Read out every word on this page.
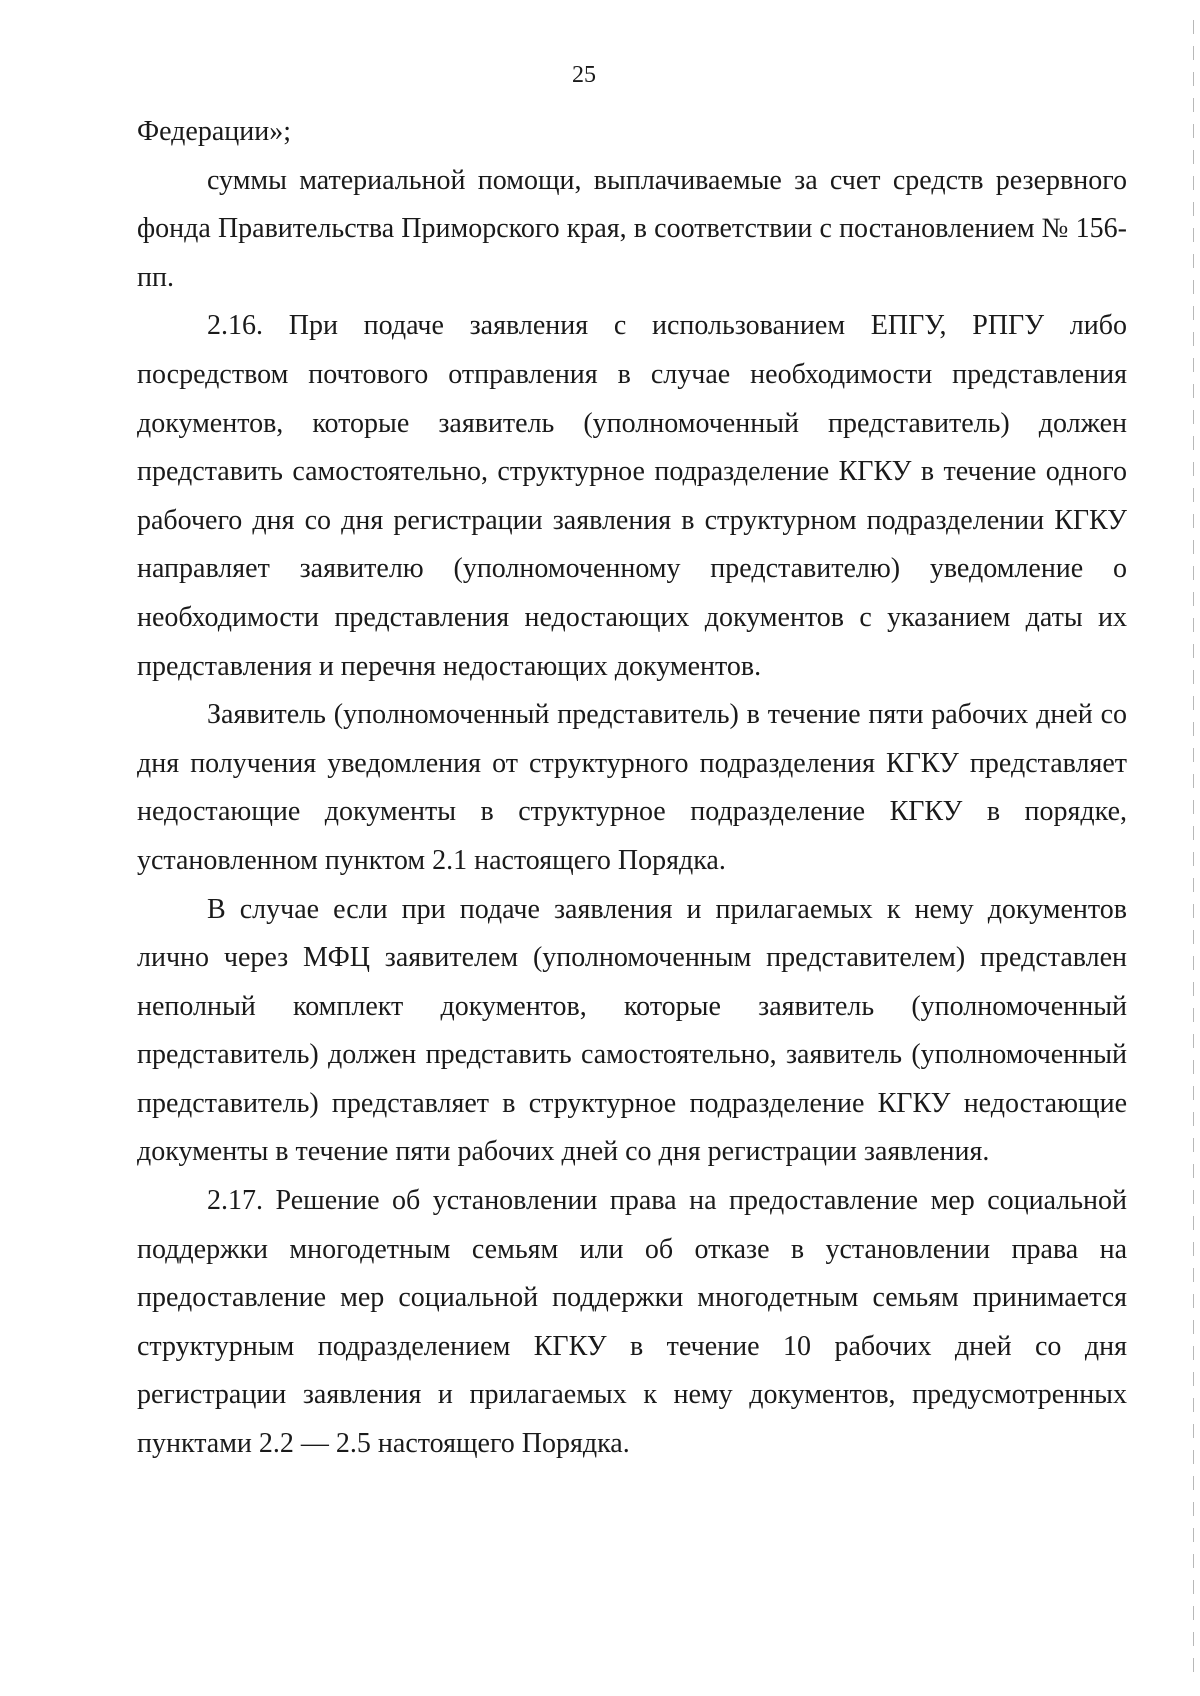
25

Федерации»;

суммы материальной помощи, выплачиваемые за счет средств резервного фонда Правительства Приморского края, в соответствии с постановлением № 156-пп.

2.16. При подаче заявления с использованием ЕПГУ, РПГУ либо посредством почтового отправления в случае необходимости представления документов, которые заявитель (уполномоченный представитель) должен представить самостоятельно, структурное подразделение КГКУ в течение одного рабочего дня со дня регистрации заявления в структурном подразделении КГКУ направляет заявителю (уполномоченному представителю) уведомление о необходимости представления недостающих документов с указанием даты их представления и перечня недостающих документов.

Заявитель (уполномоченный представитель) в течение пяти рабочих дней со дня получения уведомления от структурного подразделения КГКУ представляет недостающие документы в структурное подразделение КГКУ в порядке, установленном пунктом 2.1 настоящего Порядка.

В случае если при подаче заявления и прилагаемых к нему документов лично через МФЦ заявителем (уполномоченным представителем) представлен неполный комплект документов, которые заявитель (уполномоченный представитель) должен представить самостоятельно, заявитель (уполномоченный представитель) представляет в структурное подразделение КГКУ недостающие документы в течение пяти рабочих дней со дня регистрации заявления.

2.17. Решение об установлении права на предоставление мер социальной поддержки многодетным семьям или об отказе в установлении права на предоставление мер социальной поддержки многодетным семьям принимается структурным подразделением КГКУ в течение 10 рабочих дней со дня регистрации заявления и прилагаемых к нему документов, предусмотренных пунктами 2.2 — 2.5 настоящего Порядка.
